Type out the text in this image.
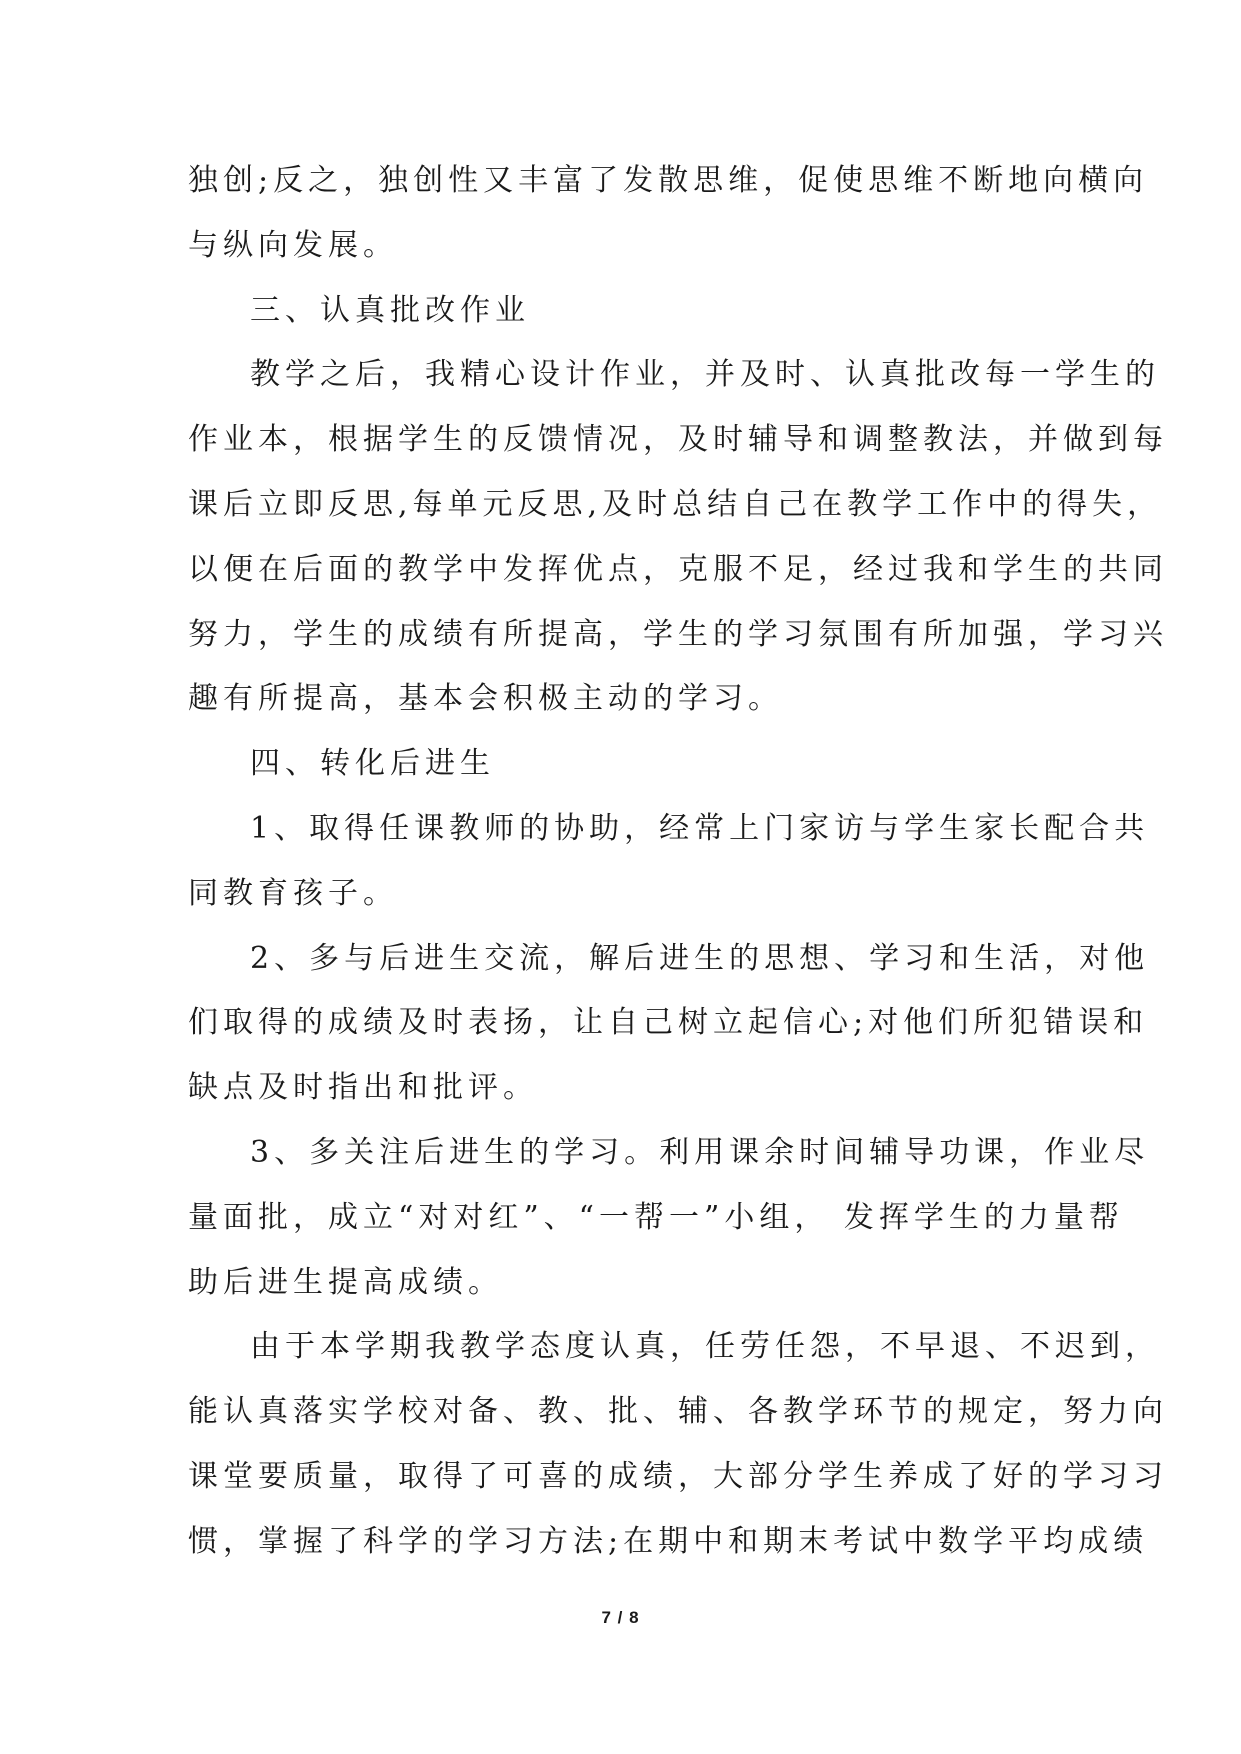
独创;反之，独创性又丰富了发散思维，促使思维不断地向横向
与纵向发展。
三、认真批改作业
教学之后，我精心设计作业，并及时、认真批改每一学生的
作业本，根据学生的反馈情况，及时辅导和调整教法，并做到每
课后立即反思,每单元反思,及时总结自己在教学工作中的得失，
以便在后面的教学中发挥优点，克服不足，经过我和学生的共同
努力，学生的成绩有所提高，学生的学习氛围有所加强，学习兴
趣有所提高，基本会积极主动的学习。
四、转化后进生
1、取得任课教师的协助，经常上门家访与学生家长配合共
同教育孩子。
2、多与后进生交流，解后进生的思想、学习和生活，对他
们取得的成绩及时表扬，让自己树立起信心;对他们所犯错误和
缺点及时指出和批评。
3、多关注后进生的学习。利用课余时间辅导功课，作业尽
量面批，成立“对对红”、“一帮一”小组， 发挥学生的力量帮
助后进生提高成绩。
由于本学期我教学态度认真，任劳任怨，不早退、不迟到，
能认真落实学校对备、教、批、辅、各教学环节的规定，努力向
课堂要质量，取得了可喜的成绩，大部分学生养成了好的学习习
惯，掌握了科学的学习方法;在期中和期末考试中数学平均成绩
7 / 8
